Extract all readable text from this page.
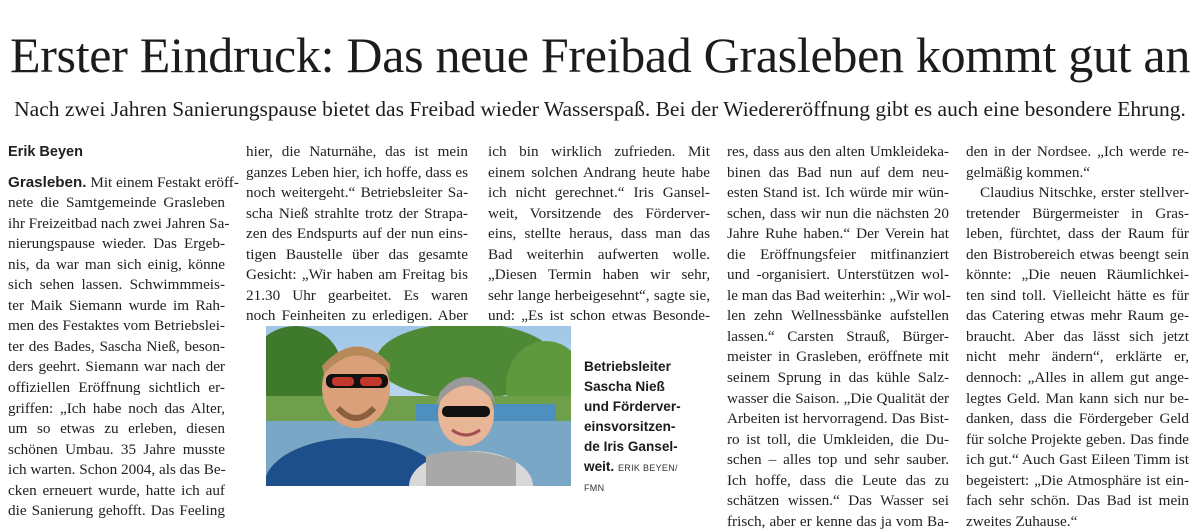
Erster Eindruck: Das neue Freibad Grasleben kommt gut an
Nach zwei Jahren Sanierungspause bietet das Freibad wieder Wasserspaß. Bei der Wiedereröffnung gibt es auch eine besondere Ehrung.
Erik Beyen
Grasleben. Mit einem Festakt eröff-
nete die Samtgemeinde Grasleben
ihr Freizeitbad nach zwei Jahren Sa-
nierungspause wieder. Das Ergeb-
nis, da war man sich einig, könne
sich sehen lassen. Schwimmmeis-
ter Maik Siemann wurde im Rah-
men des Festaktes vom Betriebslei-
ter des Bades, Sascha Nieß, beson-
ders geehrt. Siemann war nach der
offiziellen Eröffnung sichtlich er-
griffen: „Ich habe noch das Alter,
um so etwas zu erleben, diesen
schönen Umbau. 35 Jahre musste
ich warten. Schon 2004, als das Be-
cken erneuert wurde, hatte ich auf
die Sanierung gehofft. Das Feeling
hier, die Naturnähe, das ist mein
ganzes Leben hier, ich hoffe, dass es
noch weitergeht.“ Betriebsleiter Sa-
scha Nieß strahlte trotz der Strapa-
zen des Endspurts auf der nun eins-
tigen Baustelle über das gesamte
Gesicht: „Wir haben am Freitag bis
21.30 Uhr gearbeitet. Es waren
noch Feinheiten zu erledigen. Aber
ich bin wirklich zufrieden. Mit
einem solchen Andrang heute habe
ich nicht gerechnet.“ Iris Gansel-
weit, Vorsitzende des Förderver-
eins, stellte heraus, dass man das
Bad weiterhin aufwerten wolle.
„Diesen Termin haben wir sehr,
sehr lange herbeigesehnt“, sagte sie,
und: „Es ist schon etwas Besonde-
Betriebsleiter
Sascha Nieß
und Förderver-
einsvorsitzen-
de Iris Gansel-
weit. ERIK BEYEN/
FMN
res, dass aus den alten Umkleideka-
binen das Bad nun auf dem neu-
esten Stand ist. Ich würde mir wün-
schen, dass wir nun die nächsten 20
Jahre Ruhe haben.“ Der Verein hat
die Eröffnungsfeier mitfinanziert
und -organisiert. Unterstützen wol-
le man das Bad weiterhin: „Wir wol-
len zehn Wellnessbänke aufstellen
lassen.“ Carsten Strauß, Bürger-
meister in Grasleben, eröffnete mit
seinem Sprung in das kühle Salz-
wasser die Saison. „Die Qualität der
Arbeiten ist hervorragend. Das Bist-
ro ist toll, die Umkleiden, die Du-
schen – alles top und sehr sauber.
Ich hoffe, dass die Leute das zu
schätzen wissen.“ Das Wasser sei
frisch, aber er kenne das ja vom Ba-
den in der Nordsee. „Ich werde re-
gelmäßig kommen.“
Claudius Nitschke, erster stellver-
tretender Bürgermeister in Gras-
leben, fürchtet, dass der Raum für
den Bistrobereich etwas beengt sein
könnte: „Die neuen Räumlichkei-
ten sind toll. Vielleicht hätte es für
das Catering etwas mehr Raum ge-
braucht. Aber das lässt sich jetzt
nicht mehr ändern“, erklärte er,
dennoch: „Alles in allem gut ange-
legtes Geld. Man kann sich nur be-
danken, dass die Fördergeber Geld
für solche Projekte geben. Das finde
ich gut.“ Auch Gast Eileen Timm ist
begeistert: „Die Atmosphäre ist ein-
fach sehr schön. Das Bad ist mein
zweites Zuhause.“
